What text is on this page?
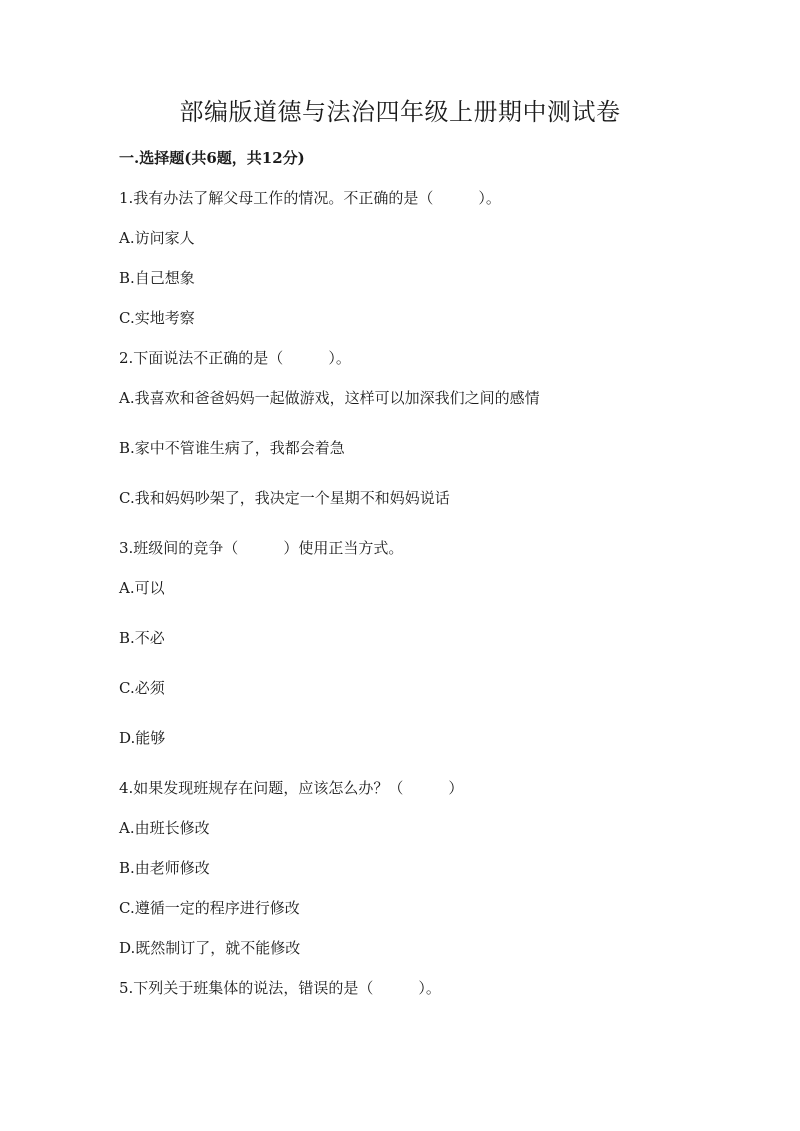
部编版道德与法治四年级上册期中测试卷
一.选择题(共6题，共12分)
1.我有办法了解父母工作的情况。不正确的是（　　　）。
A.访问家人
B.自己想象
C.实地考察
2.下面说法不正确的是（　　　）。
A.我喜欢和爸爸妈妈一起做游戏，这样可以加深我们之间的感情
B.家中不管谁生病了，我都会着急
C.我和妈妈吵架了，我决定一个星期不和妈妈说话
3.班级间的竞争（　　　）使用正当方式。
A.可以
B.不必
C.必须
D.能够
4.如果发现班规存在问题，应该怎么办？（　　　）
A.由班长修改
B.由老师修改
C.遵循一定的程序进行修改
D.既然制订了，就不能修改
5.下列关于班集体的说法，错误的是（　　　）。
